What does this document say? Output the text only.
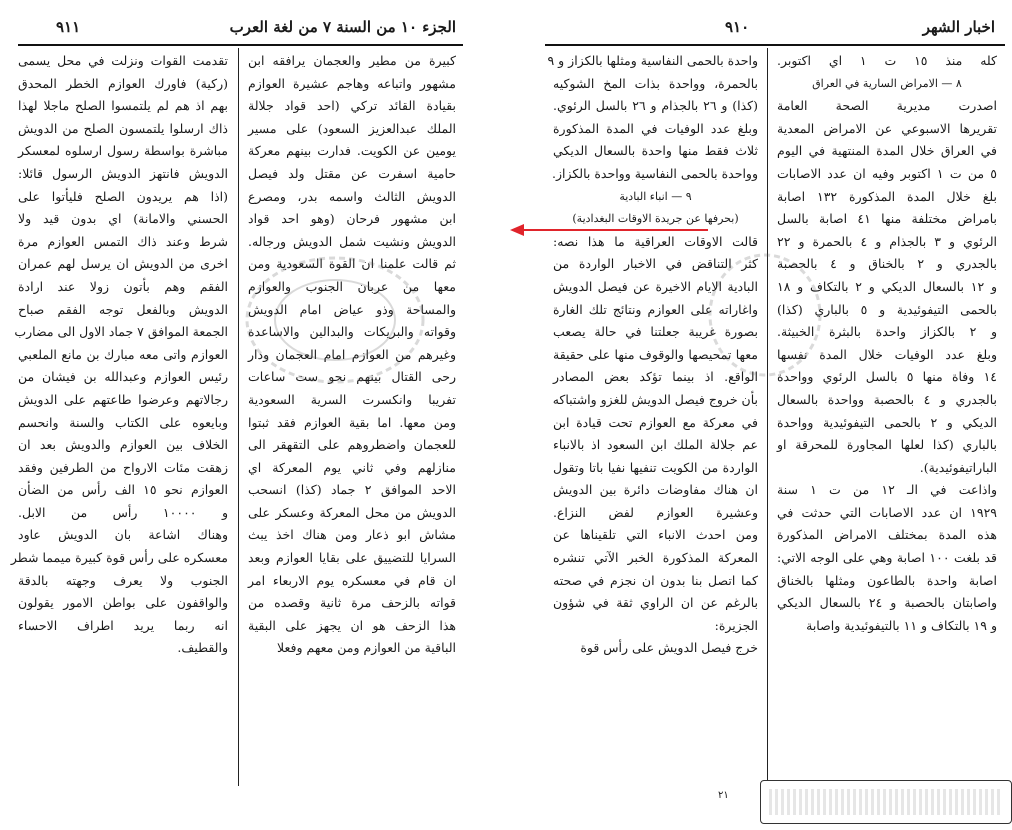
الجزء ١٠ من السنة ٧ من لغة العرب
٩١١

كبيرة من مطير والعجمان يرافقه ابن
مشهور واتباعه وهاجم عشيرة العوازم
بقيادة القائد تركي (احد قواد جلالة
الملك عبدالعزيز السعود) على مسير
يومين عن الكويت. فدارت بينهم معركة
حامية اسفرت عن مقتل ولد فيصل
الدويش الثالث واسمه بدر، ومصرع
ابن مشهور فرحان (وهو احد قواد
الدويش ونشيت شمل الدويش ورجاله.
ثم قالت علمنا ان القوة السعودية ومن
معها من عربان الجنوب والعوازم
والمساحة وذو عياض امام الدويش
وقواته والبريكات والبدالين والاساعدة
وغيرهم من العوازم امام العجمان ودار
رحى القتال بينهم نحو ست ساعات
تفريبا وانكسرت السرية السعودية
ومن معها. اما بقية العوازم فقد ثبتوا
للعجمان واضطروهم على التقهقر الى
منازلهم وفي ثاني يوم المعركة اي
الاحد الموافق ٢ جماد (كذا) انسحب
الدويش من محل المعركة وعسكر على
مشاش ابو ذعار ومن هناك اخذ يبث
السرايا للتضييق على بقايا العوازم وبعد
ان قام في معسكره يوم الاربعاء امر
قواته بالزحف مرة ثانية وقصده من
هذا الزحف هو ان يجهز على البقية
الباقية من العوازم ومن معهم وفعلا

تقدمت القوات ونزلت في محل يسمى
(ركية) فاورك العوازم الخطر المحدق
بهم اذ هم لم يلتمسوا الصلح ماجلا لهذا
ذاك ارسلوا يلتمسون الصلح من الدويش
مباشرة بواسطة رسول ارسلوه لمعسكر
الدويش فانتهز الدويش الرسول قائلا:
(اذا هم يريدون الصلح فليأتوا على
الحسني والامانة) اي بدون قيد ولا
شرط وعند ذاك التمس العوازم مرة
اخرى من الدويش ان يرسل لهم عمران
الفقم وهم بأتون زولا عند ارادة
الدويش وبالفعل توجه الفقم صباح
الجمعة الموافق ٧ جماد الاول الى مضارب
العوازم واتى معه مبارك بن مانع الملعبي
رئيس العوازم وعبدالله بن فيشان من
رجالاتهم وعرضوا طاعتهم على الدويش
وبايعوه على الكتاب والسنة وانحسم
الخلاف بين العوازم والدويش بعد ان
زهقت مئات الارواح من الطرفين وفقد
العوازم نحو ١٥ الف رأس من الضأن
و ١٠٠٠٠ رأس من الابل.
وهناك اشاعة بان الدويش عاود
معسكره على رأس قوة كبيرة ميمما شطر
الجنوب ولا يعرف وجهته بالدقة
والواقفون على بواطن الامور يقولون
انه ربما يريد اطراف الاحساء
والقطيف.

اخبار الشهر
٩١٠

كله منذ ١٥ ت ١ اي اكتوبر.
٨ — الامراض السارية في العراق
اصدرت مديرية الصحة العامة
تقريرها الاسبوعي عن الامراض المعدية
في العراق خلال المدة المنتهية في اليوم
٥ من ت ١ اكتوبر وفيه ان عدد الاصابات
بلغ خلال المدة المذكورة ١٣٢ اصابة
بامراض مختلفة منها ٤١ اصابة بالسل
الرئوي و ٣ بالجذام و ٤ بالحمرة و ٢٢
بالجدري و ٢ بالخناق و ٤ بالحصبة
و ١٢ بالسعال الديكي و ٢ بالتكاف و ١٨
بالحمى التيفوئيدية و ٥ بالباري (كذا)
و ٢ بالكزاز واحدة بالبثرة الخبيثة.
وبلغ عدد الوفيات خلال المدة نفسها
١٤ وفاة منها ٥ بالسل الرئوي وواحدة
بالجدري و ٤ بالحصبة وواحدة بالسعال
الديكي و ٢ بالحمى التيفوئيدية وواحدة
بالباري (كذا لعلها المجاورة للمحرقة او
الباراتيفوئيدية).
واذاعت في الـ ١٢ من ت ١ سنة
١٩٢٩ ان عدد الاصابات التي حدثت في
هذه المدة بمختلف الامراض المذكورة
قد بلغت ١٠٠ اصابة وهي على الوجه الاتي:
اصابة واحدة بالطاعون ومثلها بالخناق
واصابتان بالحصبة و ٢٤ بالسعال الديكي
و ١٩ بالتكاف و ١١ بالتيفوئيدية واصابة

واحدة بالحمى النفاسية ومثلها بالكزاز و ٩
بالحمرة، وواحدة بذات المخ الشوكيه
(كذا) و ٢٦ بالجذام و ٢٦ بالسل الرئوي.
وبلغ عدد الوفيات في المدة المذكورة
ثلاث فقط منها واحدة بالسعال الديكي
وواحدة بالحمى النفاسية وواحدة بالكزاز.
٩ — انباء البادية
(بحرفها عن جريدة الاوقات البغدادية)
قالت الاوقات العراقية ما هذا نصه:
كثر التناقض في الاخبار الواردة من
البادية الايام الاخيرة عن فيصل الدويش
واغاراته على العوازم ونتائج تلك الغارة
بصورة غريبة جعلتنا في حالة يصعب
معها تمحيصها والوقوف منها على حقيقة
الواقع. اذ بينما تؤكد بعض المصادر
بأن خروج فيصل الدويش للغزو واشتباكه
في معركة مع العوازم تحت قيادة ابن
عم جلالة الملك ابن السعود اذ بالانباء
الواردة من الكويت تنفيها نفيا باتا وتقول
ان هناك مفاوضات دائرة بين الدويش
وعشيرة العوازم لفض النزاع.
ومن احدث الانباء التي تلقيناها عن
المعركة المذكورة الخبر الآتي تنشره
كما اتصل بنا بدون ان نجزم في صحته
بالرغم عن ان الراوي ثقة في شؤون
الجزيرة:
خرج فيصل الدويش على رأس قوة

٢١
